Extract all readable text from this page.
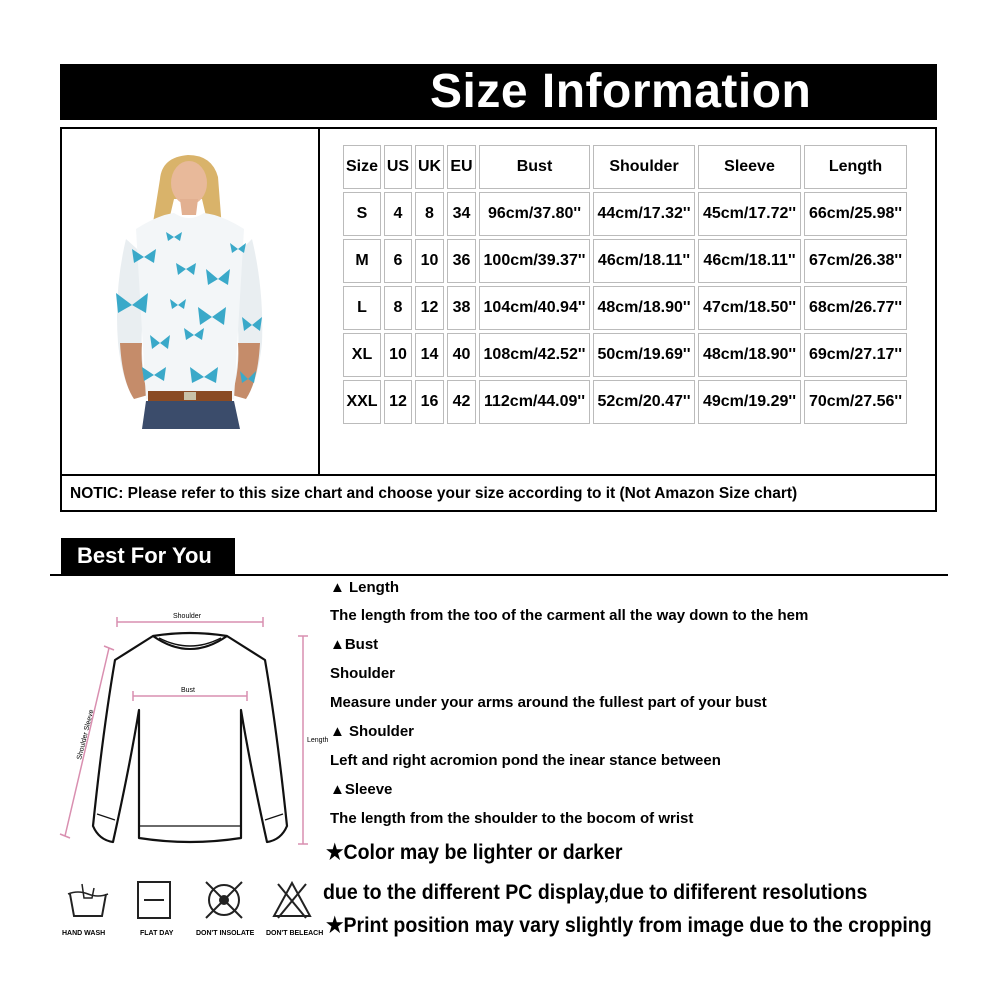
Size Information
NOTIC: Please refer to this size chart and choose your size according to it (Not Amazon Size chart)
Size	US	UK	EU	Bust	Shoulder	Sleeve	Length
S	4	8	34	96cm/37.80''	44cm/17.32''	45cm/17.72''	66cm/25.98''
M	6	10	36	100cm/39.37''	46cm/18.11''	46cm/18.11''	67cm/26.38''
L	8	12	38	104cm/40.94''	48cm/18.90''	47cm/18.50''	68cm/26.77''
XL	10	14	40	108cm/42.52''	50cm/19.69''	48cm/18.90''	69cm/27.17''
XXL	12	16	42	112cm/44.09''	52cm/20.47''	49cm/19.29''	70cm/27.56''
Best For You
Shoulder
Bust
Length
Shoulder Sleeve
▲ Length
The length from the too of the carment all the way down to the hem
▲Bust
Shoulder
Measure under your arms around the fullest part of your bust
▲ Shoulder
Left and right acromion pond the inear stance between
▲Sleeve
The length from the shoulder to the bocom of wrist
★Color may be lighter or darker
due to the different PC display,due to dififerent resolutions
★Print position may vary slightly from image due to the cropping
HAND WASH	FLAT DAY	DON'T INSOLATE DON'T BELEACH
